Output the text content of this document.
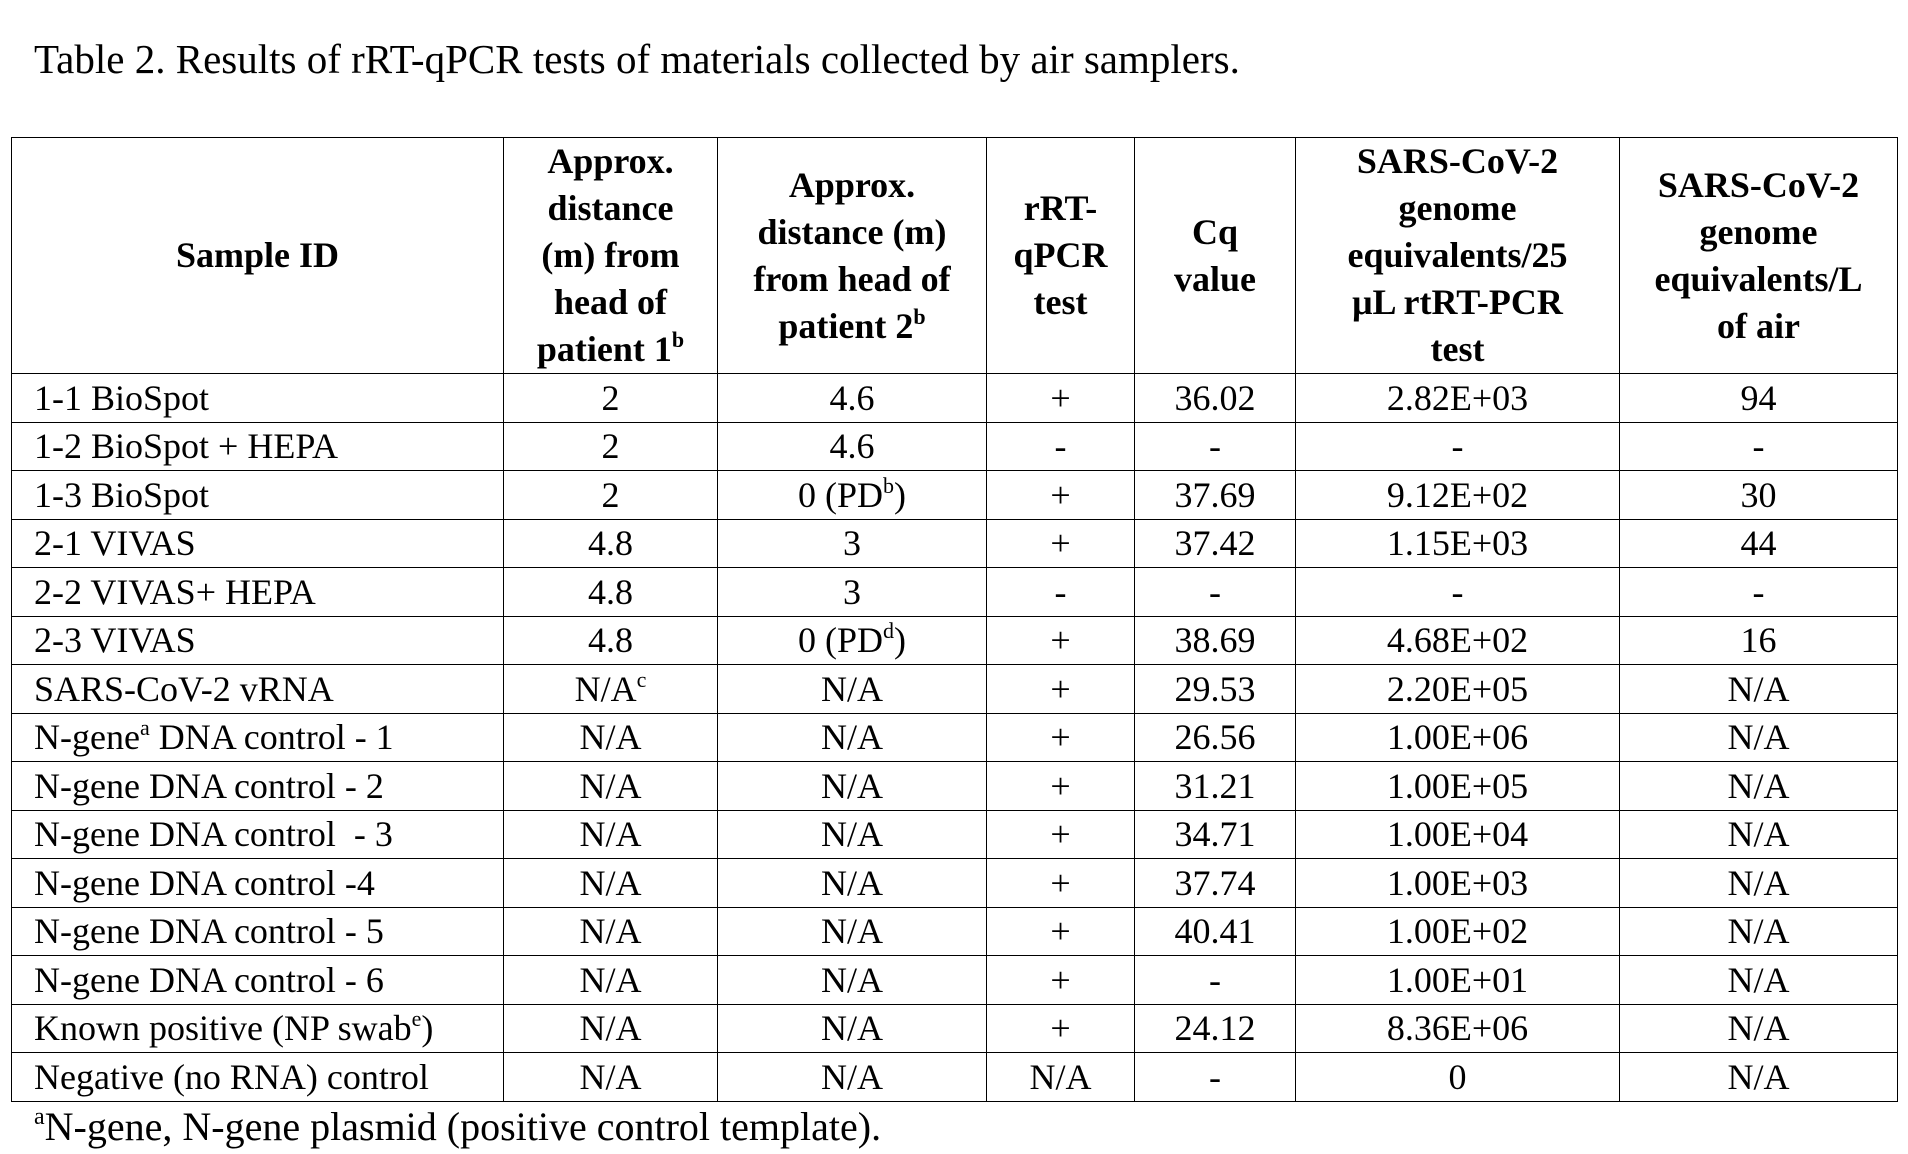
Table 2. Results of rRT-qPCR tests of materials collected by air samplers.
Sample ID	Approx.
distance
(m) from
head of
patient 1$^b$	Approx.
distance (m)
from head of
patient 2$^b$	rRT-
qPCR
test	Cq
value	SARS-CoV-2
genome
equivalents/25
μL rtRT-PCR
test	SARS-CoV-2
genome
equivalents/L
of air

1-1 BioSpot	2	4.6	+	36.02	2.82E+03	94
1-2 BioSpot + HEPA	2	4.6	-	-	-	-
1-3 BioSpot	2	0 $(PD^b)$	+	37.69	9.12E+02	30
2-1 VIVAS	4.8	3	+	37.42	1.15E+03	44
2-2 VIVAS+ HEPA	4.8	3	-	-	-	-
2-3 VIVAS	4.8	0 $(PD^d)$	+	38.69	4.68E+02	16
SARS-CoV-2 vRNA	$N/A^c$	N/A	+	29.53	2.20E+05	N/A
N-gene$^a$ DNA control - 1	N/A	N/A	+	26.56	1.00E+06	N/A
N-gene DNA control - 2	N/A	N/A	+	31.21	1.00E+05	N/A
N-gene DNA control  - 3	N/A	N/A	+	34.71	1.00E+04	N/A
N-gene DNA control -4	N/A	N/A	+	37.74	1.00E+03	N/A
N-gene DNA control - 5	N/A	N/A	+	40.41	1.00E+02	N/A
N-gene DNA control - 6	N/A	N/A	+	-	1.00E+01	N/A
Known positive (NP swab$^e$)	N/A	N/A	+	24.12	8.36E+06	N/A
Negative (no RNA) control	N/A	N/A	N/A	-	0	N/A
$^a$N-gene, N-gene plasmid (positive control template).
